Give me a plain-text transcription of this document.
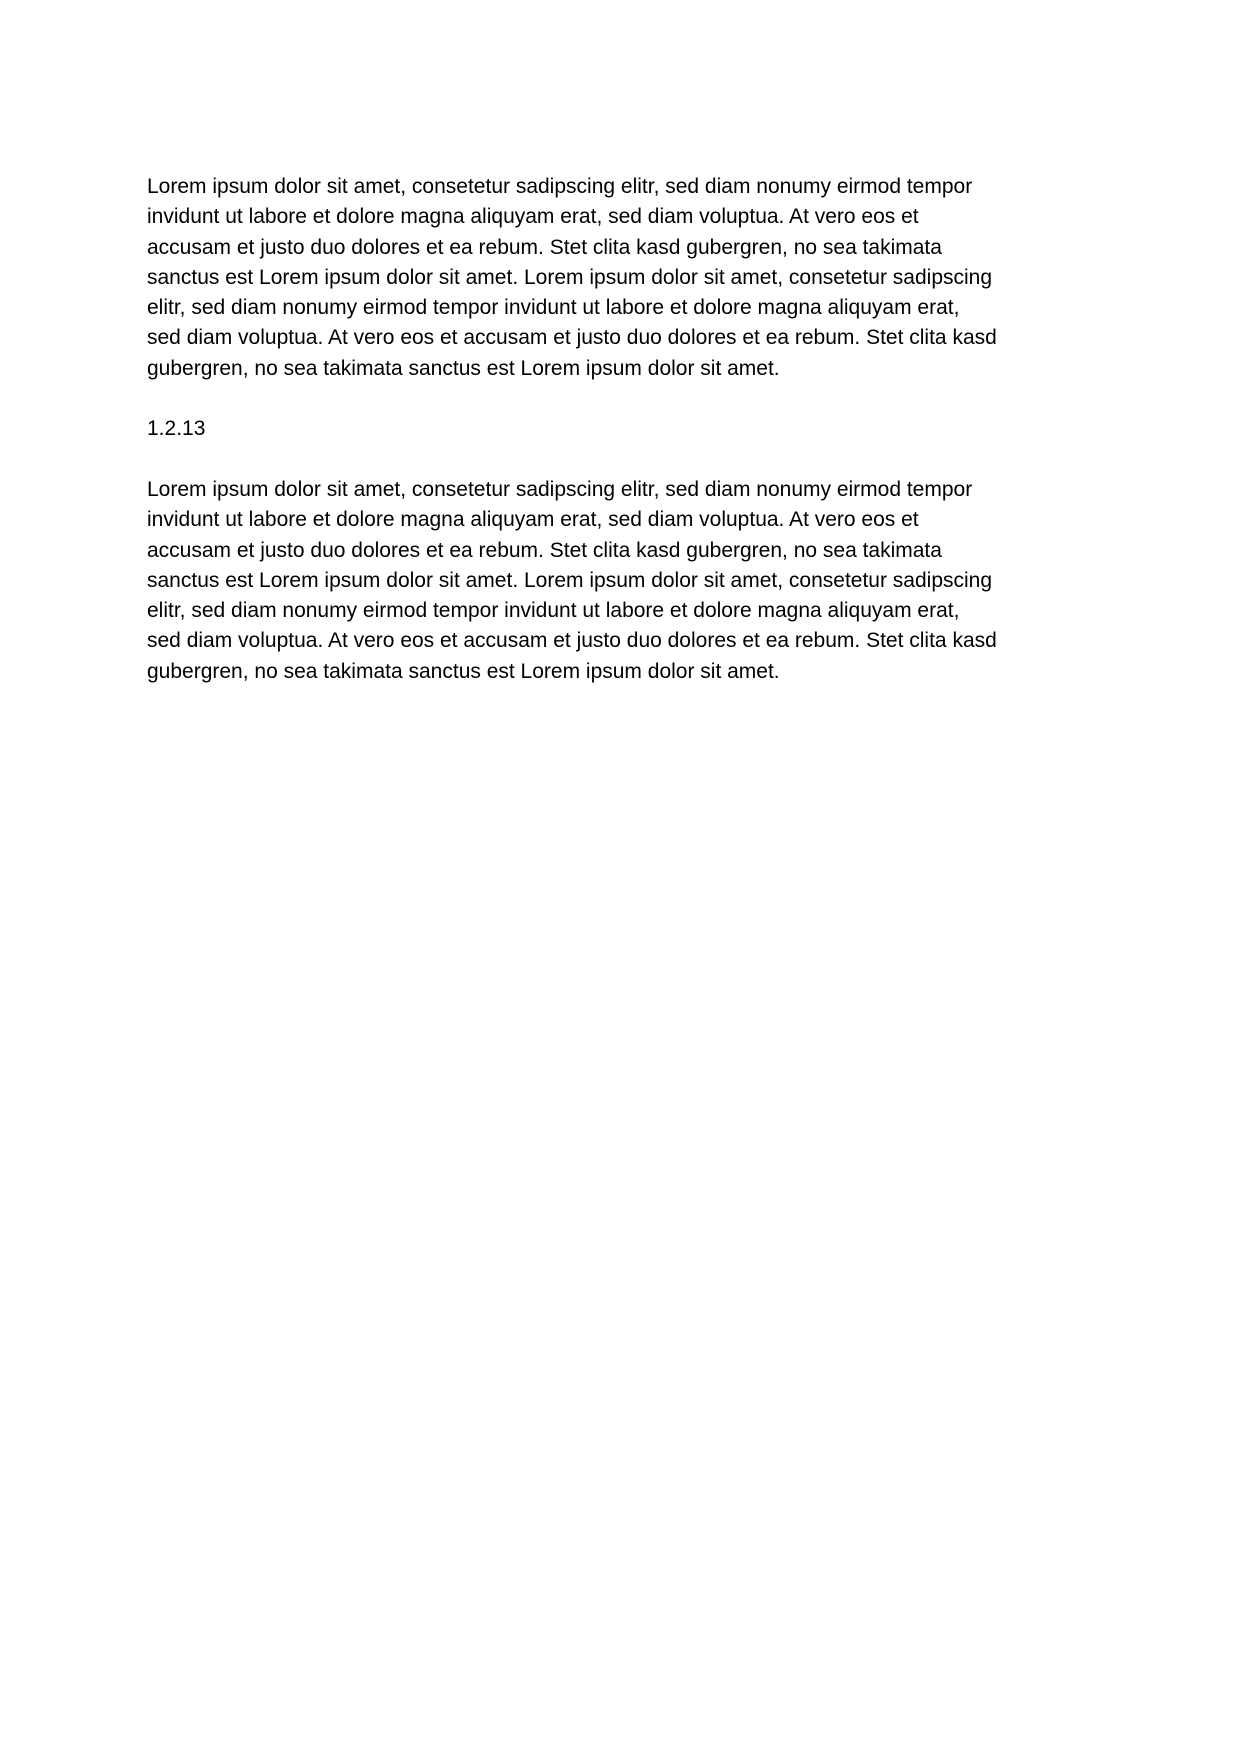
Lorem ipsum dolor sit amet, consetetur sadipscing elitr, sed diam nonumy eirmod tempor
invidunt ut labore et dolore magna aliquyam erat, sed diam voluptua. At vero eos et
accusam et justo duo dolores et ea rebum. Stet clita kasd gubergren, no sea takimata
sanctus est Lorem ipsum dolor sit amet. Lorem ipsum dolor sit amet, consetetur sadipscing
elitr, sed diam nonumy eirmod tempor invidunt ut labore et dolore magna aliquyam erat,
sed diam voluptua. At vero eos et accusam et justo duo dolores et ea rebum. Stet clita kasd
gubergren, no sea takimata sanctus est Lorem ipsum dolor sit amet.
1.2.13
Lorem ipsum dolor sit amet, consetetur sadipscing elitr, sed diam nonumy eirmod tempor
invidunt ut labore et dolore magna aliquyam erat, sed diam voluptua. At vero eos et
accusam et justo duo dolores et ea rebum. Stet clita kasd gubergren, no sea takimata
sanctus est Lorem ipsum dolor sit amet. Lorem ipsum dolor sit amet, consetetur sadipscing
elitr, sed diam nonumy eirmod tempor invidunt ut labore et dolore magna aliquyam erat,
sed diam voluptua. At vero eos et accusam et justo duo dolores et ea rebum. Stet clita kasd
gubergren, no sea takimata sanctus est Lorem ipsum dolor sit amet.
